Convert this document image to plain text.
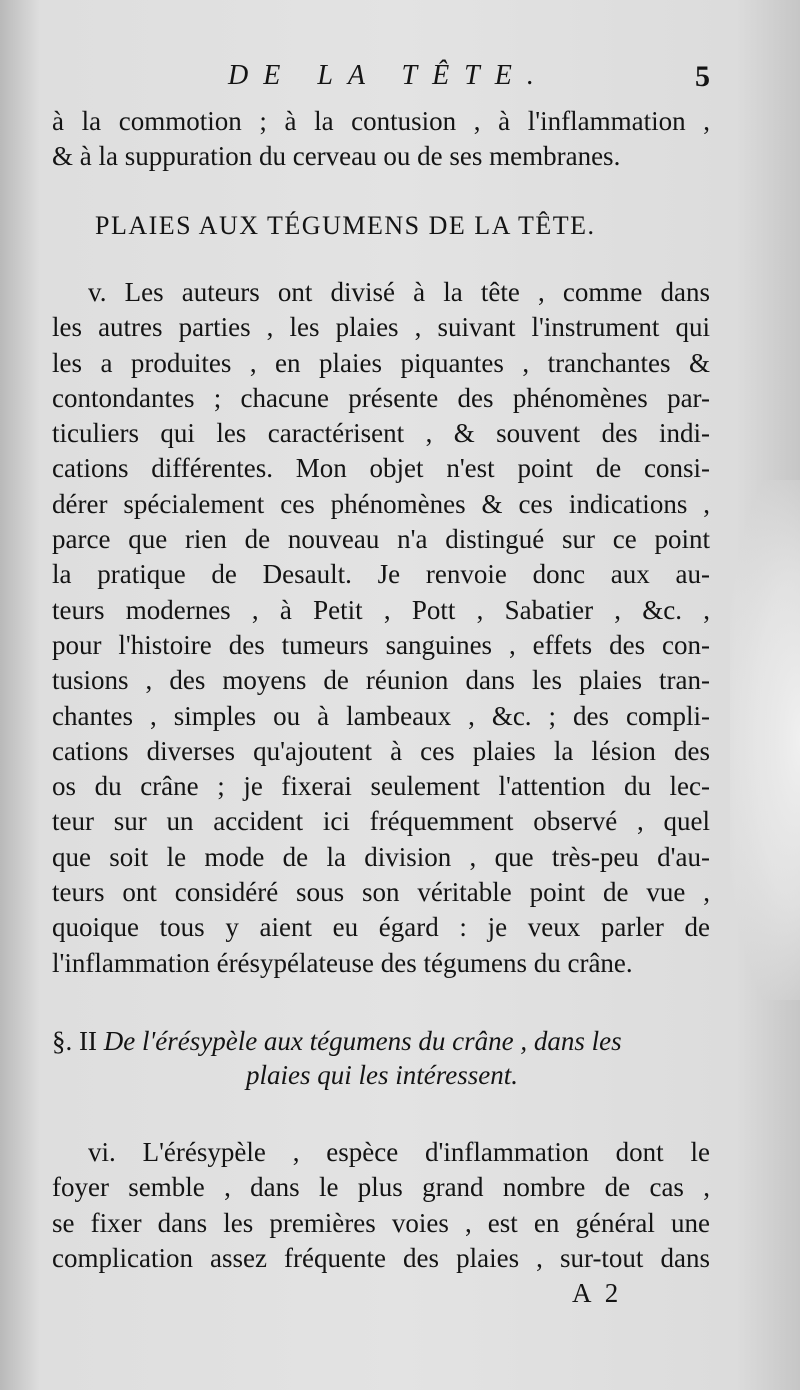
DE LA TÊTE.	5
à la commotion ; à la contusion , à l'inflammation ,
& à la suppuration du cerveau ou de ses membranes.
PLAIES AUX TÉGUMENS DE LA TÊTE.
v. Les auteurs ont divisé à la tête , comme dans
les autres parties , les plaies , suivant l'instrument qui
les a produites , en plaies piquantes , tranchantes &
contondantes ; chacune présente des phénomènes par-
ticuliers qui les caractérisent , & souvent des indi-
cations différentes. Mon objet n'est point de consi-
dérer spécialement ces phénomènes & ces indications ,
parce que rien de nouveau n'a distingué sur ce point
la pratique de Desault. Je renvoie donc aux au-
teurs modernes , à Petit , Pott , Sabatier , &c. ,
pour l'histoire des tumeurs sanguines , effets des con-
tusions , des moyens de réunion dans les plaies tran-
chantes , simples ou à lambeaux , &c. ; des compli-
cations diverses qu'ajoutent à ces plaies la lésion des
os du crâne ; je fixerai seulement l'attention du lec-
teur sur un accident ici fréquemment observé , quel
que soit le mode de la division , que très-peu d'au-
teurs ont considéré sous son véritable point de vue ,
quoique tous y aient eu égard : je veux parler de
l'inflammation érésypélateuse des tégumens du crâne.
§. II De l'érésypèle aux tégumens du crâne , dans les
plaies qui les intéressent.
vi. L'érésypèle , espèce d'inflammation dont le
foyer semble , dans le plus grand nombre de cas ,
se fixer dans les premières voies , est en général une
complication assez fréquente des plaies , sur-tout dans
A 2
